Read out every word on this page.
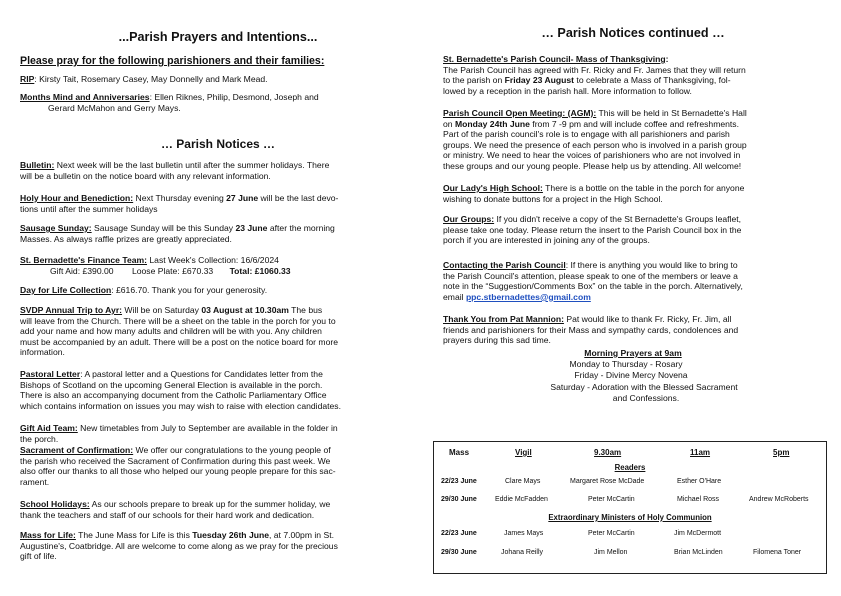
...Parish Prayers and Intentions...
Please pray for the following parishioners and their families:

RIP: Kirsty Tait, Rosemary Casey, May Donnelly and Mark Mead.

Months Mind and Anniversaries: Ellen Riknes, Philip, Desmond, Joseph and

Gerard McMahon and Gerry Mays.

… Parish Notices …

Bulletin: Next week will be the last bulletin until after the summer holidays. There

will be a bulletin on the notice board with any relevant information.

Holy Hour and Benediction: Next Thursday evening 27 June will be the last devo-

tions until after the summer holidays

Sausage Sunday: Sausage Sunday will be this Sunday 23 June after the morning

Masses. As always raffle prizes are greatly appreciated.

St. Bernadette's Finance Team: Last Week's Collection: 16/6/2024

Gift Aid: £390.00 Loose Plate: £670.33 Total: £1060.33

Day for Life Collection: £616.70. Thank you for your generosity.

SVDP Annual Trip to Ayr: Will be on Saturday 03 August at 10.30am The bus

will leave from the Church. There will be a sheet on the table in the porch for you to

add your name and how many adults and children will be with you. Any children

must be accompanied by an adult. There will be a post on the notice board for more

information.

Pastoral Letter: A pastoral letter and a Questions for Candidates letter from the

Bishops of Scotland on the upcoming General Election is available in the porch.

There is also an accompanying document from the Catholic Parliamentary Office

which contains information on issues you may wish to raise with election candidates.

Gift Aid Team: New timetables from July to September are available in the folder in

the porch.

Sacrament of Confirmation: We offer our congratulations to the young people of

the parish who received the Sacrament of Confirmation during this past week. We

also offer our thanks to all those who helped our young people prepare for this sac-

rament.

School Holidays: As our schools prepare to break up for the summer holiday, we

thank the teachers and staff of our schools for their hard work and dedication.

Mass for Life: The June Mass for Life is this Tuesday 26th June, at 7.00pm in St.

Augustine's, Coatbridge. All are welcome to come along as we pray for the precious

gift of life.

… Parish Notices continued …

St. Bernadette's Parish Council- Mass of Thanksgiving:

The Parish Council has agreed with Fr. Ricky and Fr. James that they will return

to the parish on Friday 23 August to celebrate a Mass of Thanksgiving, fol-

lowed by a reception in the parish hall. More information to follow.

Parish Council Open Meeting: (AGM): This will be held in St Bernadette's Hall

on Monday 24th June from 7 -9 pm and will include coffee and refreshments.

Part of the parish council's role is to engage with all parishioners and parish

groups. We need the presence of each person who is involved in a parish group

or ministry. We need to hear the voices of parishioners who are not involved in

these groups and our young people. Please help us by attending. All welcome!

Our Lady's High School: There is a bottle on the table in the porch for anyone

wishing to donate buttons for a project in the High School.

Our Groups: If you didn't receive a copy of the St Bernadette's Groups leaflet,

please take one today. Please return the insert to the Parish Council box in the

porch if you are interested in joining any of the groups.

Contacting the Parish Council: If there is anything you would like to bring to

the Parish Council's attention, please speak to one of the members or leave a

note in the “Suggestion/Comments Box” on the table in the porch. Alternatively,

email ppc.stbernadettes@gmail.com

Thank You from Pat Mannion: Pat would like to thank Fr. Ricky, Fr. Jim, all

friends and parishioners for their Mass and sympathy cards, condolences and

prayers during this sad time.

Morning Prayers at 9am

Monday to Thursday - Rosary

Friday - Divine Mercy Novena

Saturday - Adoration with the Blessed Sacrament

and Confessions.

Mass	Vigil	9.30am	11am	5pm
Readers
22/23 June	Clare Mays	Margaret Rose McDade	Esther O'Hare
29/30 June	Eddie McFadden	Peter McCartin	Michael Ross	Andrew McRoberts
Extraordinary Ministers of Holy Communion
22/23 June	James Mays	Peter McCartin	Jim McDermott
29/30 June	Johana Reilly	Jim Mellon	Brian McLinden	Filomena Toner
